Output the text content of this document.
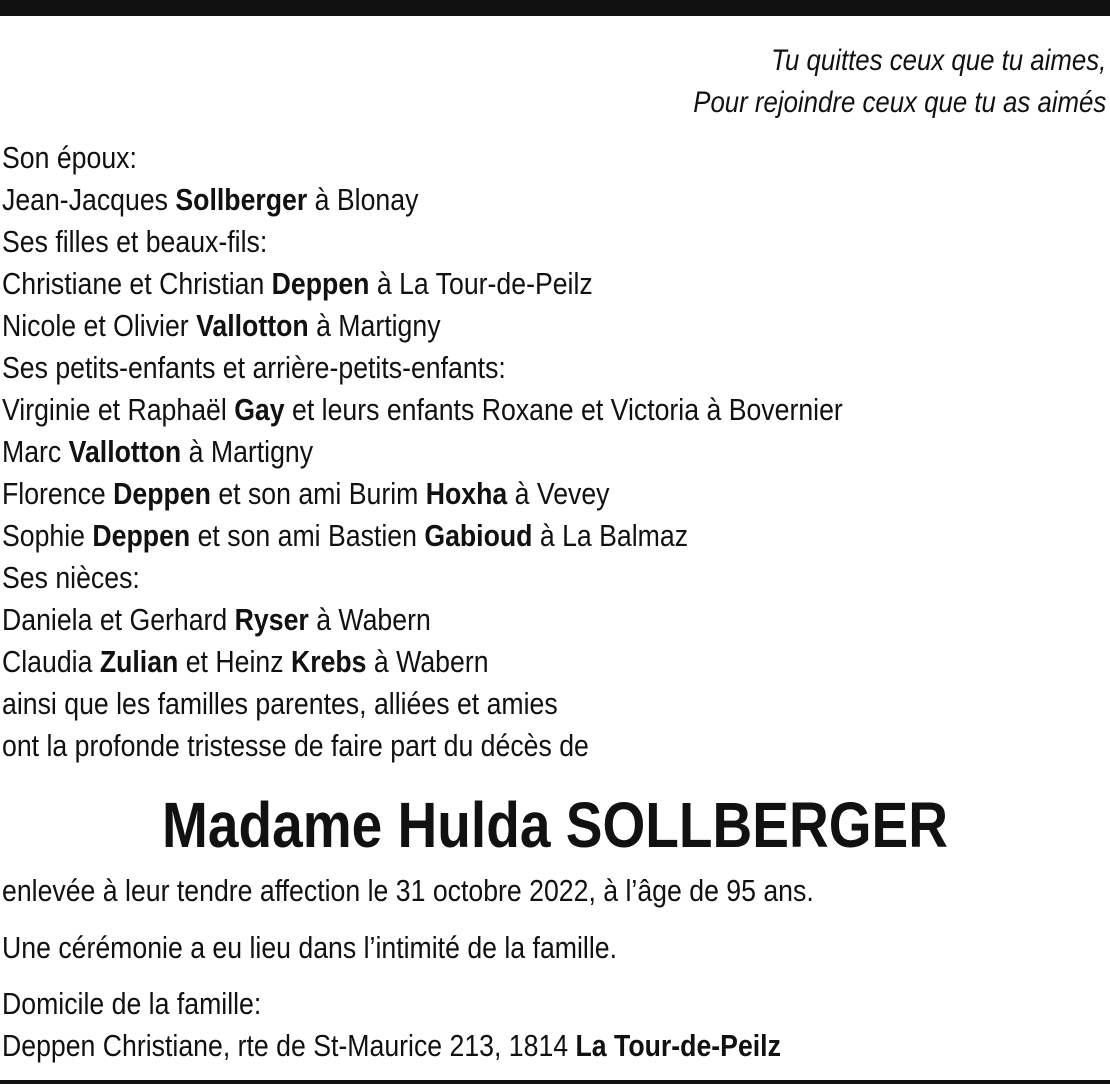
Tu quittes ceux que tu aimes,
Pour rejoindre ceux que tu as aimés
Son époux:
Jean-Jacques Sollberger à Blonay
Ses filles et beaux-fils:
Christiane et Christian Deppen à La Tour-de-Peilz
Nicole et Olivier Vallotton à Martigny
Ses petits-enfants et arrière-petits-enfants:
Virginie et Raphaël Gay et leurs enfants Roxane et Victoria à Bovernier
Marc Vallotton à Martigny
Florence Deppen et son ami Burim Hoxha à Vevey
Sophie Deppen et son ami Bastien Gabioud à La Balmaz
Ses nièces:
Daniela et Gerhard Ryser à Wabern
Claudia Zulian et Heinz Krebs à Wabern
ainsi que les familles parentes, alliées et amies
ont la profonde tristesse de faire part du décès de
Madame Hulda SOLLBERGER
enlevée à leur tendre affection le 31 octobre 2022, à l’âge de 95 ans.
Une cérémonie a eu lieu dans l’intimité de la famille.
Domicile de la famille:
Deppen Christiane, rte de St-Maurice 213, 1814 La Tour-de-Peilz
